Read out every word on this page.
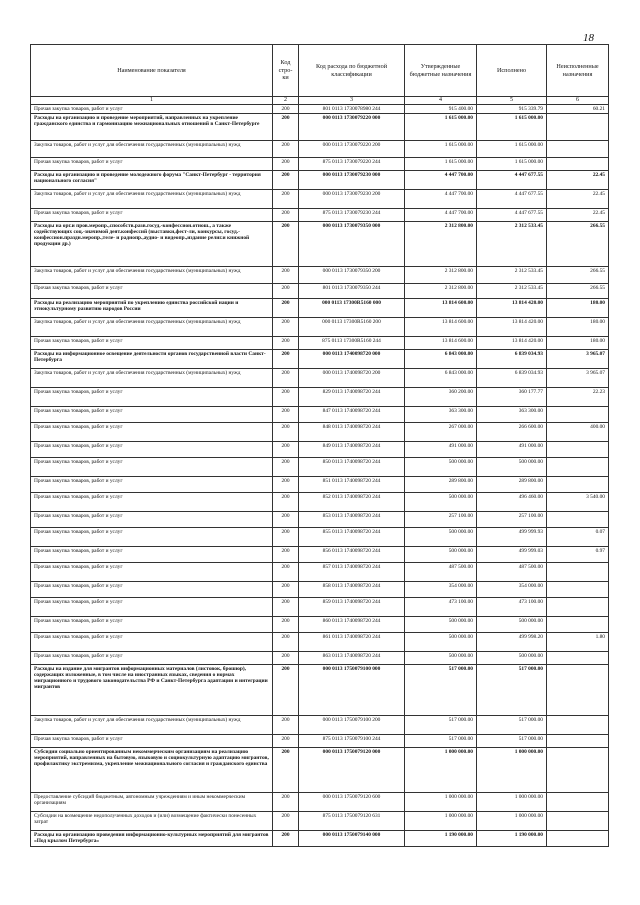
18
Наименование показателя	Код стро-ки	Код расхода по бюджетной классификации	Утвержденные бюджетные назначения	Исполнено	Неисполненные назначения
1	2	3	4	5	6
Прочая закупка товаров, работ и услуг	200	801 0113 1730078980 244	915 400.00	915 339.79	60.21
Расходы на организацию и проведение мероприятий, направленных на укрепление гражданского единства и гармонизацию межнациональных отношений в Санкт-Петербурге	200	000 0113 1730079220 000	1 615 000.00	1 615 000.00	
Закупка товаров, работ и услуг для обеспечения государственных (муниципальных) нужд	200	000 0113 1730079220 200	1 615 000.00	1 615 000.00	
Прочая закупка товаров, работ и услуг	200	875 0113 1730079220 244	1 615 000.00	1 615 000.00	
Расходы на организацию и проведение молодежного форума "Санкт-Петербург - территория национального согласия"	200	000 0113 1730079230 000	4 447 700.00	4 447 677.55	22.45
Закупка товаров, работ и услуг для обеспечения государственных (муниципальных) нужд	200	000 0113 1730079230 200	4 447 700.00	4 447 677.55	22.45
Прочая закупка товаров, работ и услуг	200	875 0113 1730079230 244	4 447 700.00	4 447 677.55	22.45
Расходы на орг.и пров.меропр.,способств.разв.госуд.-конфессион.отнош., а также содействующих соц.-значимой деят.конфессий (выставки,фест-ли, конкурсы, госуд.-конфессион.праздн.меропр.,теле- и радиопр.,аудио- и видеопр.,издание религ.и книжной продукции др.)	200	000 0113 1730079350 000	2 312 800.00	2 312 533.45	266.55
Закупка товаров, работ и услуг для обеспечения государственных (муниципальных) нужд	200	000 0113 1730079350 200	2 312 800.00	2 312 533.45	266.55
Прочая закупка товаров, работ и услуг	200	801 0113 1730079350 244	2 312 800.00	2 312 533.45	266.55
Расходы на реализацию мероприятий по укреплению единства российской нации и этнокультурному развитию народов России	200	000 0113 17300R5160 000	13 814 600.00	13 814 420.00	180.00
Закупка товаров, работ и услуг для обеспечения государственных (муниципальных) нужд	200	000 0113 17300R5160 200	13 814 600.00	13 814 420.00	180.00
Прочая закупка товаров, работ и услуг	200	875 0113 17300R5160 244	13 814 600.00	13 814 420.00	180.00
Расходы на информационное освещение деятельности органов государственной власти Санкт-Петербурга	200	000 0113 1740098720 000	6 843 000.00	6 839 034.93	3 965.07
Закупка товаров, работ и услуг для обеспечения государственных (муниципальных) нужд	200	000 0113 1740098720 200	6 843 000.00	6 839 034.93	3 965.07
Прочая закупка товаров, работ и услуг	200	829 0113 1740098720 244	360 200.00	360 177.77	22.23
Прочая закупка товаров, работ и услуг	200	847 0113 1740098720 244	363 300.00	363 300.00	
Прочая закупка товаров, работ и услуг	200	848 0113 1740098720 244	267 000.00	266 600.00	400.00
Прочая закупка товаров, работ и услуг	200	849 0113 1740098720 244	491 000.00	491 000.00	
Прочая закупка товаров, работ и услуг	200	850 0113 1740098720 244	500 000.00	500 000.00	
Прочая закупка товаров, работ и услуг	200	851 0113 1740098720 244	289 800.00	289 800.00	
Прочая закупка товаров, работ и услуг	200	852 0113 1740098720 244	500 000.00	496 460.00	3 540.00
Прочая закупка товаров, работ и услуг	200	853 0113 1740098720 244	257 100.00	257 100.00	
Прочая закупка товаров, работ и услуг	200	855 0113 1740098720 244	500 000.00	499 999.93	0.07
Прочая закупка товаров, работ и услуг	200	856 0113 1740098720 244	500 000.00	499 999.03	0.97
Прочая закупка товаров, работ и услуг	200	857 0113 1740098720 244	487 500.00	487 500.00	
Прочая закупка товаров, работ и услуг	200	858 0113 1740098720 244	354 000.00	354 000.00	
Прочая закупка товаров, работ и услуг	200	859 0113 1740098720 244	473 100.00	473 100.00	
Прочая закупка товаров, работ и услуг	200	860 0113 1740098720 244	500 000.00	500 000.00	
Прочая закупка товаров, работ и услуг	200	861 0113 1740098720 244	500 000.00	499 998.20	1.80
Прочая закупка товаров, работ и услуг	200	863 0113 1740098720 244	500 000.00	500 000.00	
Расходы на издание для мигрантов информационных материалов (листовок, брошюр), содержащих изложенные, в том числе на иностранных языках, сведения о нормах миграционного и трудового законодательства РФ и Санкт-Петербурга адаптации и интеграции мигрантов	200	000 0113 1750079100 000	517 000.00	517 000.00	
Закупка товаров, работ и услуг для обеспечения государственных (муниципальных) нужд	200	000 0113 1750079100 200	517 000.00	517 000.00	
Прочая закупка товаров, работ и услуг	200	875 0113 1750079100 244	517 000.00	517 000.00	
Субсидии социально ориентированным некоммерческим организациям на реализацию мероприятий, направленных на бытовую, языковую и социокультурную адаптацию мигрантов, профилактику экстремизма, укрепление межнационального согласия и гражданского единства	200	000 0113 1750079120 000	1 000 000.00	1 000 000.00	
Предоставление субсидий бюджетным, автономным учреждениям и иным некоммерческим организациям	200	000 0113 1750079120 600	1 000 000.00	1 000 000.00	
Субсидии на возмещение недополученных доходов и (или) возмещение фактически понесенных затрат	200	875 0113 1750079120 631	1 000 000.00	1 000 000.00	
Расходы на организацию проведения информационно-культурных мероприятий для мигрантов «Под крылом Петербурга»	200	000 0113 1750079140 000	1 190 000.00	1 190 000.00	
